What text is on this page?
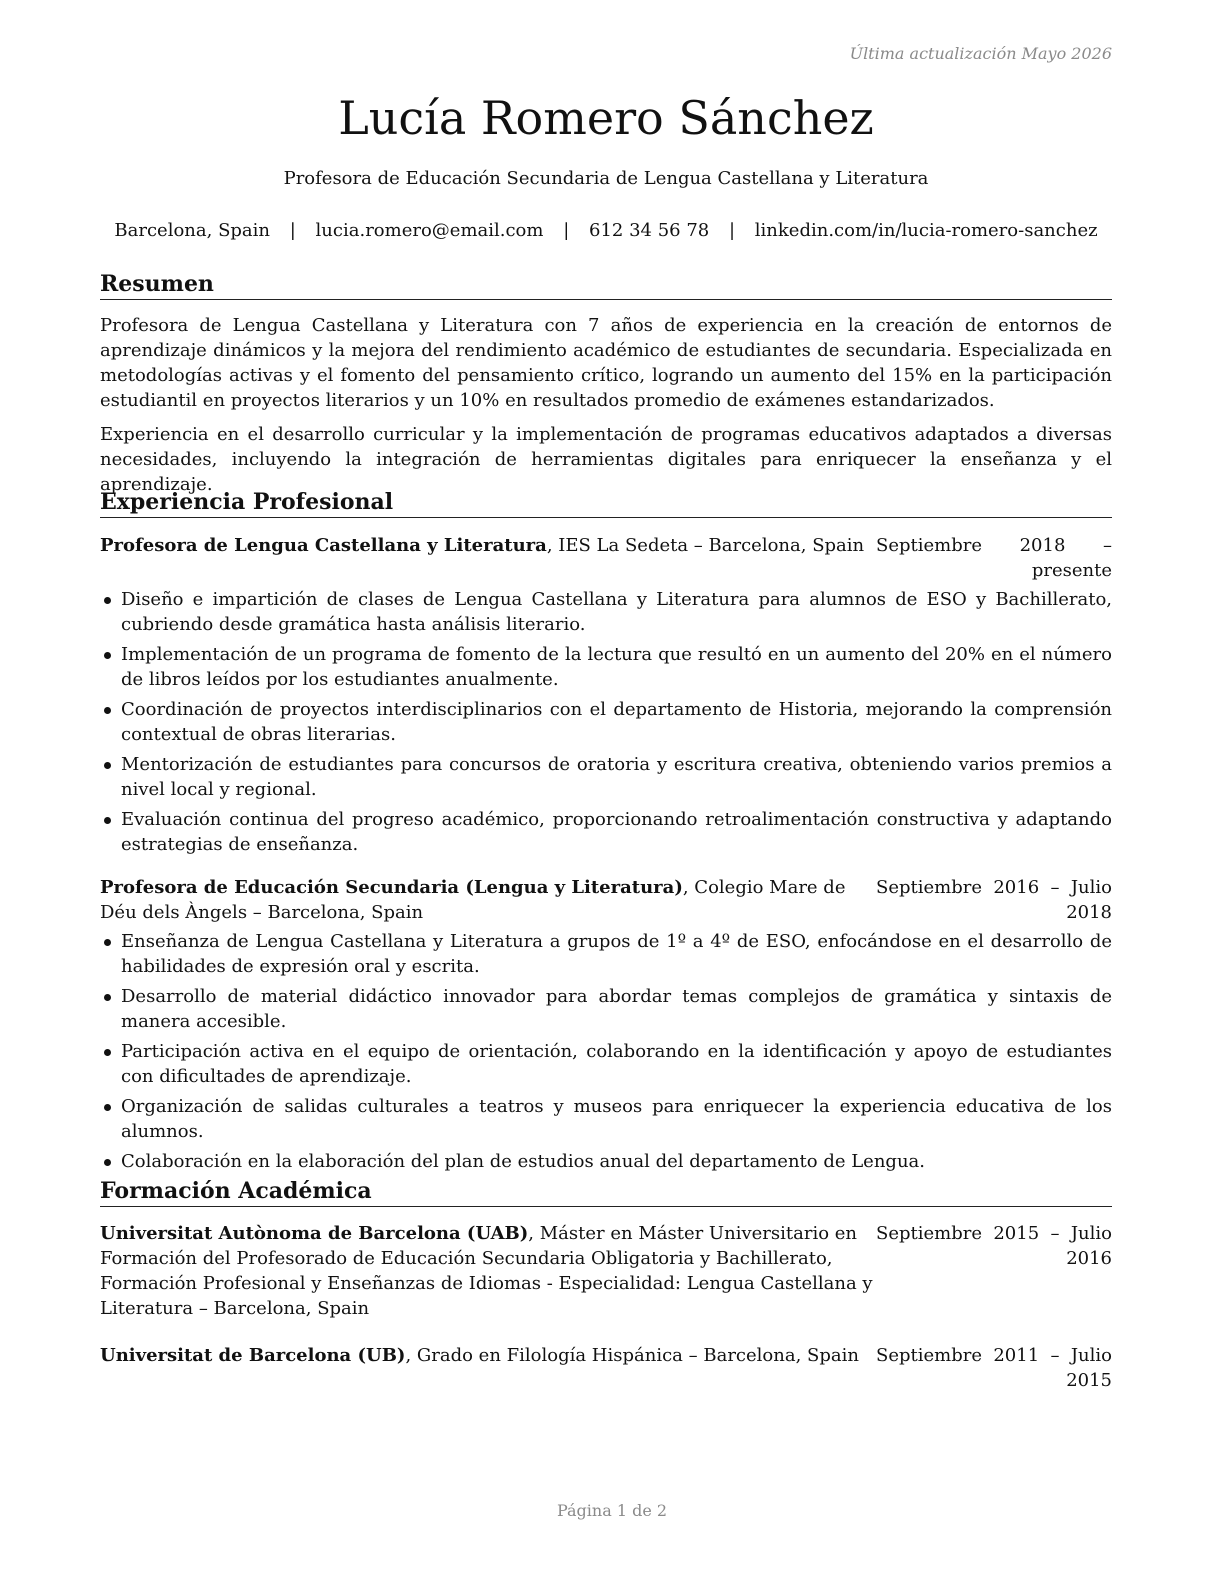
Última actualización Mayo 2026
Lucía Romero Sánchez
Profesora de Educación Secundaria de Lengua Castellana y Literatura
Barcelona, Spain | lucia.romero@email.com | 612 34 56 78 | linkedin.com/in/lucia-romero-sanchez
Resumen

Profesora de Lengua Castellana y Literatura con 7 años de experiencia en la creación de entornos de aprendizaje dinámicos y la mejora del rendimiento académico de estudiantes de secundaria. Especializada en metodologías activas y el fomento del pensamiento crítico, logrando un aumento del 15% en la participación estudiantil en proyectos literarios y un 10% en resultados promedio de exámenes estandarizados.

Experiencia en el desarrollo curricular y la implementación de programas educativos adaptados a diversas necesidades, incluyendo la integración de herramientas digitales para enriquecer la enseñanza y el aprendizaje.

Experiencia Profesional
Profesora de Lengua Castellana y Literatura, IES La Sedeta – Barcelona, Spain Septiembre 2018 – presente
Diseño e impartición de clases de Lengua Castellana y Literatura para alumnos de ESO y Bachillerato, cubriendo desde gramática hasta análisis literario.
Implementación de un programa de fomento de la lectura que resultó en un aumento del 20% en el número de libros leídos por los estudiantes anualmente.
Coordinación de proyectos interdisciplinarios con el departamento de Historia, mejorando la comprensión contextual de obras literarias.
Mentorización de estudiantes para concursos de oratoria y escritura creativa, obteniendo varios premios a nivel local y regional.
Evaluación continua del progreso académico, proporcionando retroalimentación constructiva y adaptando estrategias de enseñanza.
Profesora de Educación Secundaria (Lengua y Literatura), Colegio Mare de Déu dels Àngels – Barcelona, Spain
Septiembre 2016 – Julio 2018
Enseñanza de Lengua Castellana y Literatura a grupos de 1º a 4º de ESO, enfocándose en el desarrollo de habilidades de expresión oral y escrita.
Desarrollo de material didáctico innovador para abordar temas complejos de gramática y sintaxis de manera accesible.
Participación activa en el equipo de orientación, colaborando en la identificación y apoyo de estudiantes con dificultades de aprendizaje.
Organización de salidas culturales a teatros y museos para enriquecer la experiencia educativa de los alumnos.
Colaboración en la elaboración del plan de estudios anual del departamento de Lengua.
Formación Académica
Universitat Autònoma de Barcelona (UAB), Máster en Máster Universitario en Formación del Profesorado de Educación Secundaria Obligatoria y Bachillerato, Formación Profesional y Enseñanzas de Idiomas - Especialidad: Lengua Castellana y Literatura – Barcelona, Spain
Septiembre 2015 – Julio 2016
Universitat de Barcelona (UB), Grado en Filología Hispánica – Barcelona, Spain Septiembre 2011 – Julio 2015
Página 1 de 2
